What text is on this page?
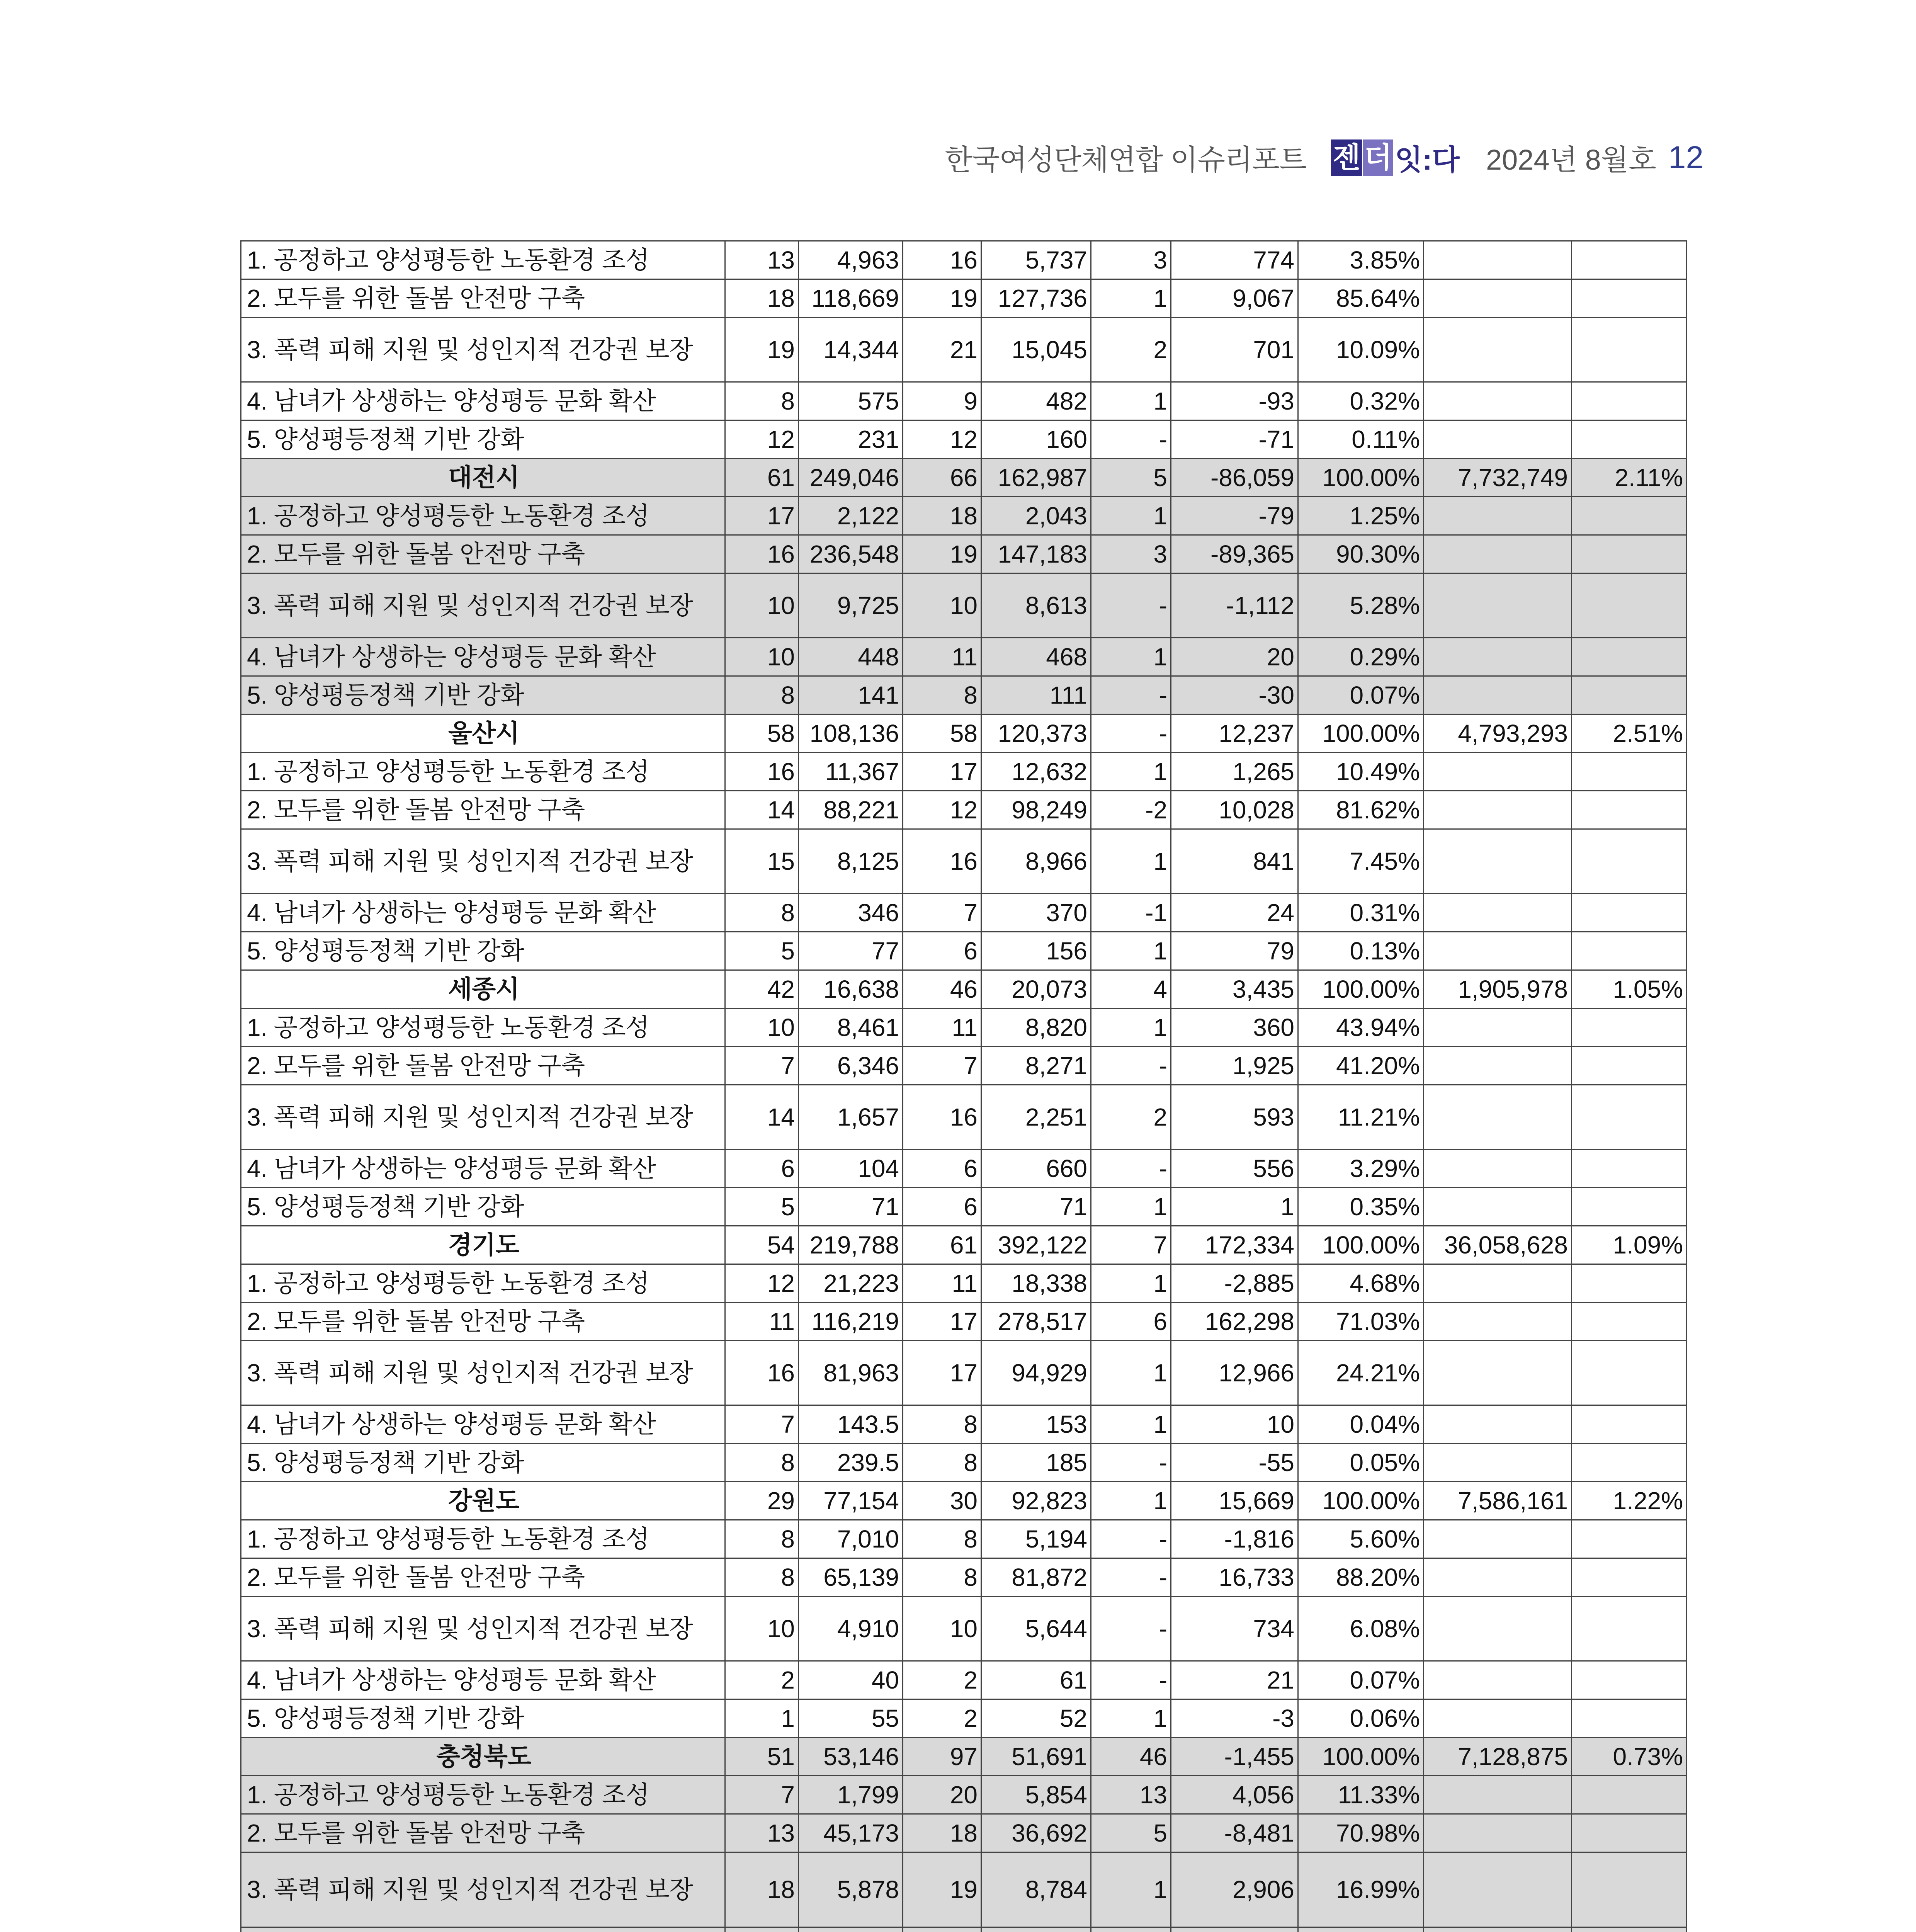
한국여성단체연합 이슈리포트 젠 더 잇:다 2024년 8월호 12
1. 공정하고 양성평등한 노동환경 조성	13	4,963	16	5,737	3	774	3.85%		
2. 모두를 위한 돌봄 안전망 구축	18	118,669	19	127,736	1	9,067	85.64%		
3. 폭력 피해 지원 및 성인지적 건강권 보장	19	14,344	21	15,045	2	701	10.09%		
4. 남녀가 상생하는 양성평등 문화 확산	8	575	9	482	1	-93	0.32%		
5. 양성평등정책 기반 강화	12	231	12	160	-	-71	0.11%		
대전시	61	249,046	66	162,987	5	-86,059	100.00%	7,732,749	2.11%
1. 공정하고 양성평등한 노동환경 조성	17	2,122	18	2,043	1	-79	1.25%		
2. 모두를 위한 돌봄 안전망 구축	16	236,548	19	147,183	3	-89,365	90.30%		
3. 폭력 피해 지원 및 성인지적 건강권 보장	10	9,725	10	8,613	-	-1,112	5.28%		
4. 남녀가 상생하는 양성평등 문화 확산	10	448	11	468	1	20	0.29%		
5. 양성평등정책 기반 강화	8	141	8	111	-	-30	0.07%		
울산시	58	108,136	58	120,373	-	12,237	100.00%	4,793,293	2.51%
1. 공정하고 양성평등한 노동환경 조성	16	11,367	17	12,632	1	1,265	10.49%		
2. 모두를 위한 돌봄 안전망 구축	14	88,221	12	98,249	-2	10,028	81.62%		
3. 폭력 피해 지원 및 성인지적 건강권 보장	15	8,125	16	8,966	1	841	7.45%		
4. 남녀가 상생하는 양성평등 문화 확산	8	346	7	370	-1	24	0.31%		
5. 양성평등정책 기반 강화	5	77	6	156	1	79	0.13%		
세종시	42	16,638	46	20,073	4	3,435	100.00%	1,905,978	1.05%
1. 공정하고 양성평등한 노동환경 조성	10	8,461	11	8,820	1	360	43.94%		
2. 모두를 위한 돌봄 안전망 구축	7	6,346	7	8,271	-	1,925	41.20%		
3. 폭력 피해 지원 및 성인지적 건강권 보장	14	1,657	16	2,251	2	593	11.21%		
4. 남녀가 상생하는 양성평등 문화 확산	6	104	6	660	-	556	3.29%		
5. 양성평등정책 기반 강화	5	71	6	71	1	1	0.35%		
경기도	54	219,788	61	392,122	7	172,334	100.00%	36,058,628	1.09%
1. 공정하고 양성평등한 노동환경 조성	12	21,223	11	18,338	1	-2,885	4.68%		
2. 모두를 위한 돌봄 안전망 구축	11	116,219	17	278,517	6	162,298	71.03%		
3. 폭력 피해 지원 및 성인지적 건강권 보장	16	81,963	17	94,929	1	12,966	24.21%		
4. 남녀가 상생하는 양성평등 문화 확산	7	143.5	8	153	1	10	0.04%		
5. 양성평등정책 기반 강화	8	239.5	8	185	-	-55	0.05%		
강원도	29	77,154	30	92,823	1	15,669	100.00%	7,586,161	1.22%
1. 공정하고 양성평등한 노동환경 조성	8	7,010	8	5,194	-	-1,816	5.60%		
2. 모두를 위한 돌봄 안전망 구축	8	65,139	8	81,872	-	16,733	88.20%		
3. 폭력 피해 지원 및 성인지적 건강권 보장	10	4,910	10	5,644	-	734	6.08%		
4. 남녀가 상생하는 양성평등 문화 확산	2	40	2	61	-	21	0.07%		
5. 양성평등정책 기반 강화	1	55	2	52	1	-3	0.06%		
충청북도	51	53,146	97	51,691	46	-1,455	100.00%	7,128,875	0.73%
1. 공정하고 양성평등한 노동환경 조성	7	1,799	20	5,854	13	4,056	11.33%		
2. 모두를 위한 돌봄 안전망 구축	13	45,173	18	36,692	5	-8,481	70.98%		
3. 폭력 피해 지원 및 성인지적 건강권 보장	18	5,878	19	8,784	1	2,906	16.99%		
